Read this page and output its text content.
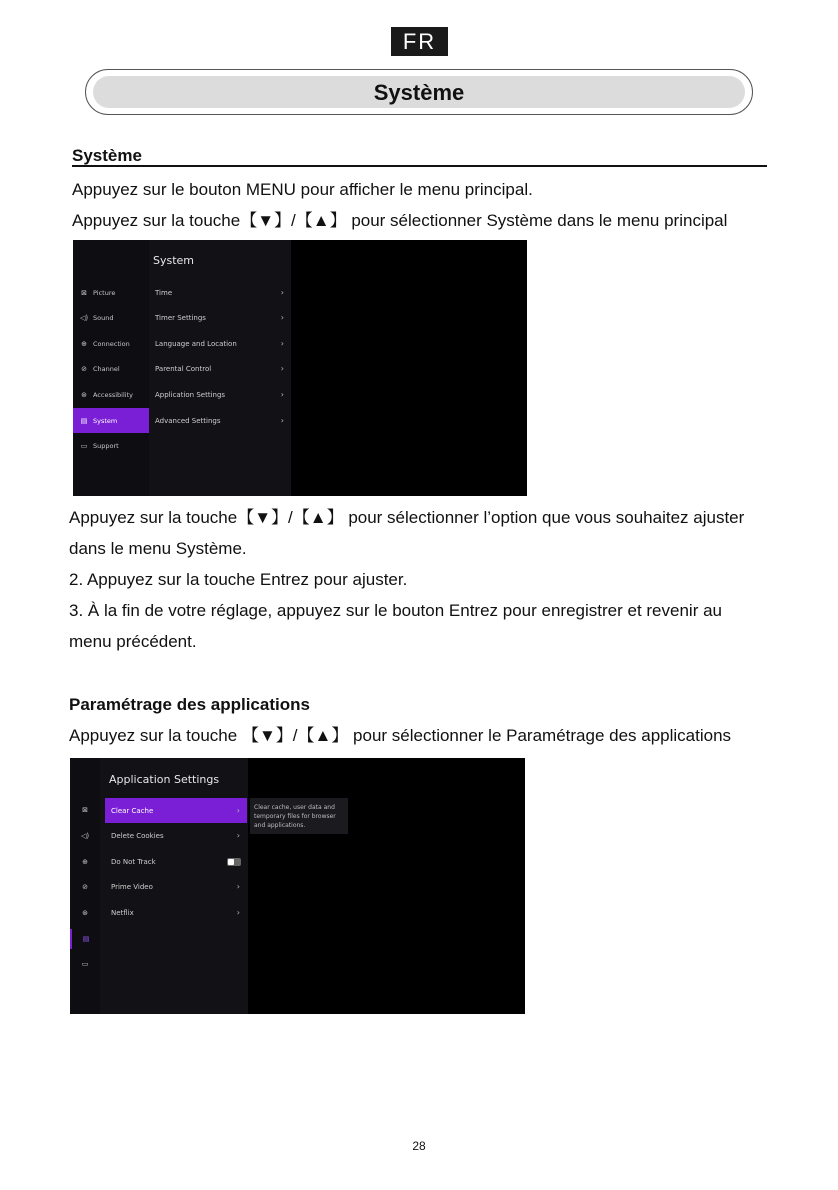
FR
Système
Système
Appuyez sur le bouton MENU pour afficher le menu principal.
Appuyez sur la touche【▼】/【▲】 pour sélectionner Système dans le menu principal
System
⊠ Picture
◁) Sound
⊕ Connection
⊘ Channel
⊛ Accessibility
▤ System
▭ Support
Time	›
Timer Settings	›
Language and Location	›
Parental Control	›
Application Settings	›
Advanced Settings	›
Appuyez sur la touche【▼】/【▲】 pour sélectionner l’option que vous souhaitez ajuster
dans le menu Système.
2. Appuyez sur la touche Entrez pour ajuster.
3. À la fin de votre réglage, appuyez sur le bouton Entrez pour enregistrer et revenir au
menu précédent.
Paramétrage des applications
Appuyez sur la touche 【▼】/【▲】 pour sélectionner le Paramétrage des applications
Application Settings
⊠
◁)
⊕
⊘
⊛
▤
▭
Clear Cache	›
Delete Cookies	›
Do Not Track
Prime Video	›
Netflix	›
Clear cache, user data and temporary files for browser and applications.
28
